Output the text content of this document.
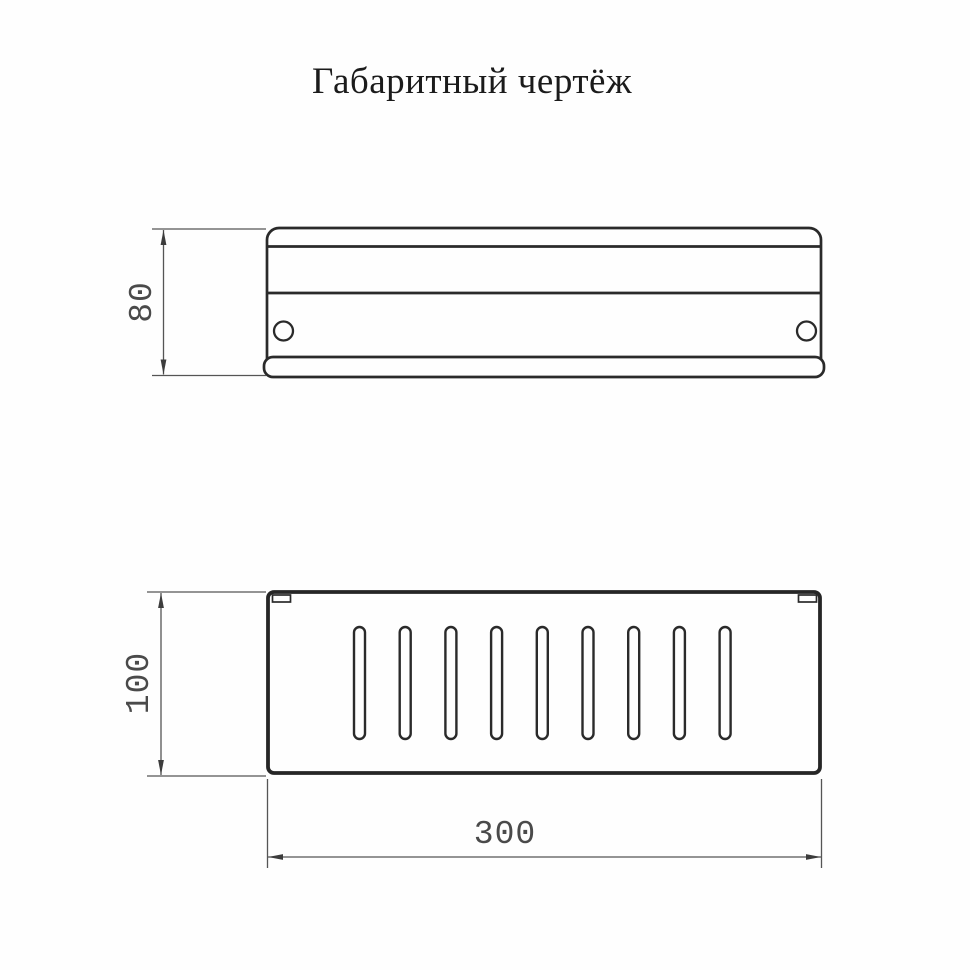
Габаритный чертёж
80
100
300
